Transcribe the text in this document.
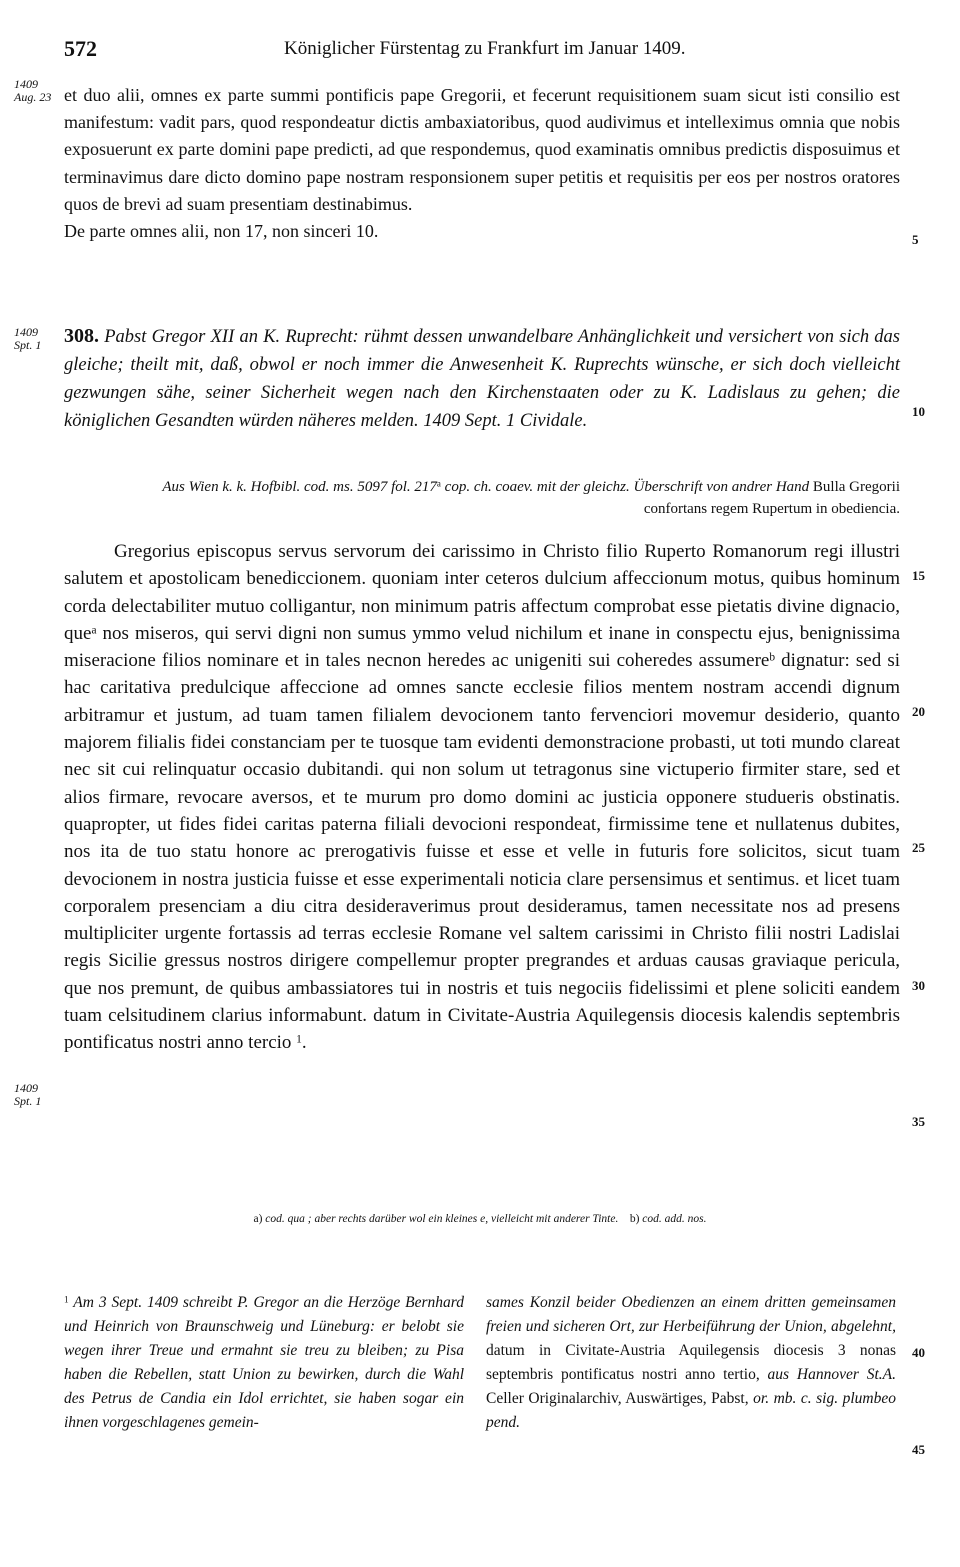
572	Königlicher Fürstentag zu Frankfurt im Januar 1409.
1409
Aug. 23
1409
Spt. 1
1409
Spt. 1
5
10
15
20
25
30
35
40
45

et duo alii, omnes ex parte summi pontificis pape Gregorii, et fecerunt requisitionem suam sicut isti consilio est manifestum: vadit pars, quod respondeatur dictis ambaxiatoribus, quod audivimus et intelleximus omnia que nobis exposuerunt ex parte domini pape predicti, ad que respondemus, quod examinatis omnibus predictis disposuimus et terminavimus dare dicto domino pape nostram responsionem super petitis et requisitis per eos per nostros oratores quos de brevi ad suam presentiam destinabimus.

De parte omnes alii, non 17, non sinceri 10.

308. Pabst Gregor XII an K. Ruprecht: rühmt dessen unwandelbare Anhänglichkeit und versichert von sich das gleiche; theilt mit, daß, obwol er noch immer die Anwesenheit K. Ruprechts wünsche, er sich doch vielleicht gezwungen sähe, seiner Sicherheit wegen nach den Kirchenstaaten oder zu K. Ladislaus zu gehen; die königlichen Gesandten würden näheres melden. 1409 Sept. 1 Cividale.

Aus Wien k. k. Hofbibl. cod. ms. 5097 fol. 217$^a$ cop. ch. coaev. mit der gleichz. Überschrift von andrer Hand Bulla Gregorii confortans regem Rupertum in obediencia.

Gregorius episcopus servus servorum dei carissimo in Christo filio Ruperto Romanorum regi illustri salutem et apostolicam benediccionem. quoniam inter ceteros dulcium affeccionum motus, quibus hominum corda delectabiliter mutuo colligantur, non minimum patris affectum comprobat esse pietatis divine dignacio, que$^a$ nos miseros, qui servi digni non sumus ymmo velud nichilum et inane in conspectu ejus, benignissima miseracione filios nominare et in tales necnon heredes ac unigeniti sui coheredes assumere$^b$ dignatur: sed si hac caritativa predulcique affeccione ad omnes sancte ecclesie filios mentem nostram accendi dignum arbitramur et justum, ad tuam tamen filialem devocionem tanto fervenciori movemur desiderio, quanto majorem filialis fidei constanciam per te tuosque tam evidenti demonstracione probasti, ut toti mundo clareat nec sit cui relinquatur occasio dubitandi. qui non solum ut tetragonus sine victuperio firmiter stare, sed et alios firmare, revocare aversos, et te murum pro domo domini ac justicia opponere studueris obstinatis. quapropter, ut fides fidei caritas paterna filiali devocioni respondeat, firmissime tene et nullatenus dubites, nos ita de tuo statu honore ac prerogativis fuisse et esse et velle in futuris fore solicitos, sicut tuam devocionem in nostra justicia fuisse et esse experimentali noticia clare persensimus et sentimus. et licet tuam corporalem presenciam a diu citra desideraverimus prout desideramus, tamen necessitate nos ad presens multipliciter urgente fortassis ad terras ecclesie Romane vel saltem carissimi in Christo filii nostri Ladislai regis Sicilie gressus nostros dirigere compellemur propter pregrandes et arduas causas graviaque pericula, que nos premunt, de quibus ambassiatores tui in nostris et tuis negociis fidelissimi et plene soliciti eandem tuam celsitudinem clarius informabunt. datum in Civitate-Austria Aquilegensis diocesis kalendis septembris pontificatus nostri anno tercio $^1$.

a) cod. qua ; aber rechts darüber wol ein kleines e, vielleicht mit anderer Tinte. b) cod. add. nos.
$^1$ Am 3 Sept. 1409 schreibt P. Gregor an die Herzöge Bernhard und Heinrich von Braunschweig und Lüneburg: er belobt sie wegen ihrer Treue und ermahnt sie treu zu bleiben; zu Pisa haben die Rebellen, statt Union zu bewirken, durch die Wahl des Petrus de Candia ein Idol errichtet, sie haben sogar ein ihnen vorgeschlagenes gemein-
sames Konzil beider Obedienzen an einem dritten gemeinsamen freien und sicheren Ort, zur Herbeiführung der Union, abgelehnt, datum in Civitate-Austria Aquilegensis diocesis 3 nonas septembris pontificatus nostri anno tertio, aus Hannover St.A. Celler Originalarchiv, Auswärtiges, Pabst, or. mb. c. sig. plumbeo pend.
